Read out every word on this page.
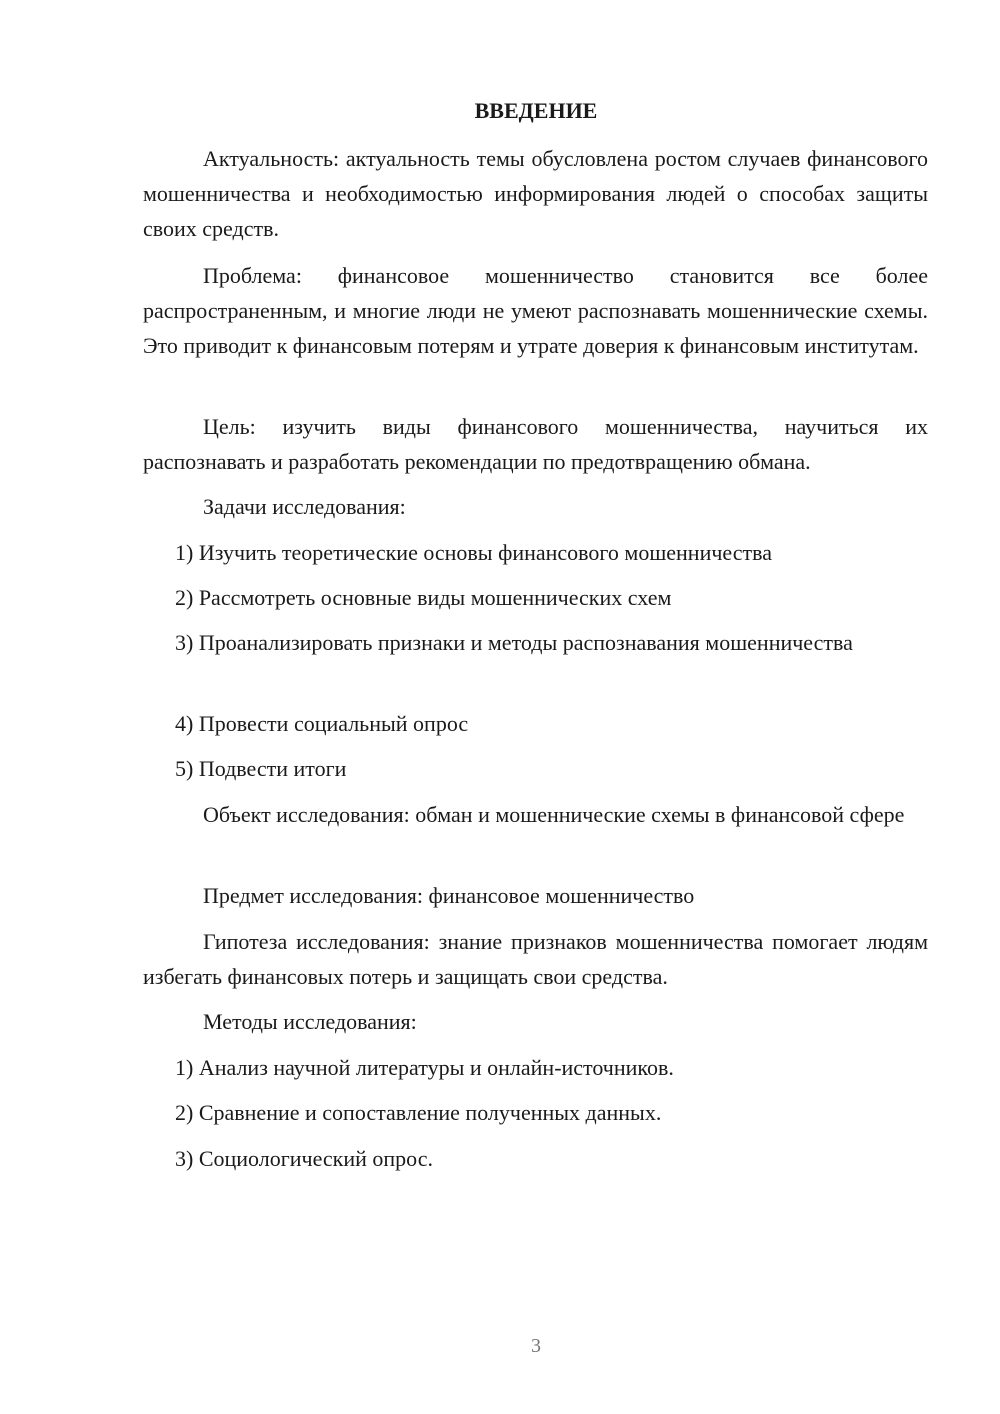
ВВЕДЕНИЕ

Актуальность: актуальность темы обусловлена ростом случаев финансового мошенничества и необходимостью информирования людей о способах защиты своих средств.

Проблема: финансовое мошенничество становится все более распространенным, и многие люди не умеют распознавать мошеннические схемы. Это приводит к финансовым потерям и утрате доверия к финансовым институтам.

Цель: изучить виды финансового мошенничества, научиться их распознавать и разработать рекомендации по предотвращению обмана.

Задачи исследования:

1) Изучить теоретические основы финансового мошенничества

2) Рассмотреть основные виды мошеннических схем

3) Проанализировать признаки и методы распознавания мошенничества

4) Провести социальный опрос

5) Подвести итоги

Объект исследования: обман и мошеннические схемы в финансовой сфере

Предмет исследования: финансовое мошенничество

Гипотеза исследования: знание признаков мошенничества помогает людям избегать финансовых потерь и защищать свои средства.

Методы исследования:

1) Анализ научной литературы и онлайн-источников.

2) Сравнение и сопоставление полученных данных.

3) Социологический опрос.

3
